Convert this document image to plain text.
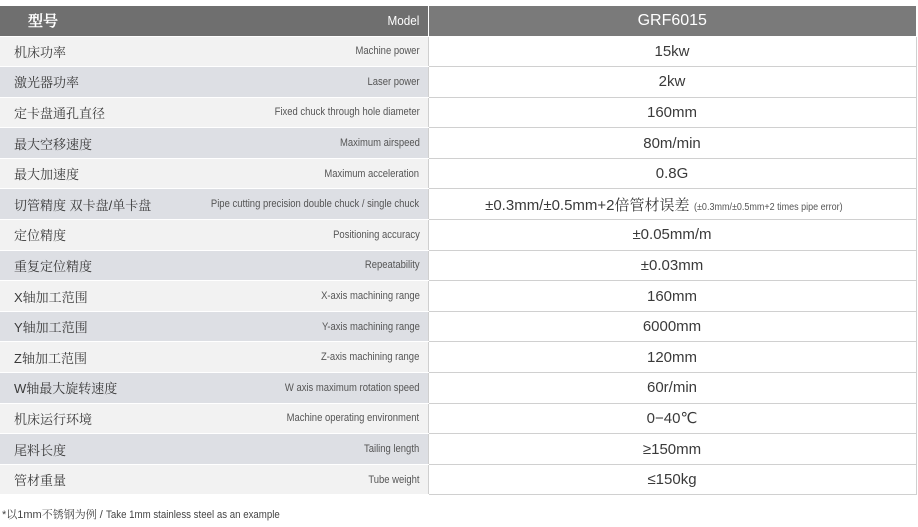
型号 Model	GRF6015

机床功率 Machine power	15kw

激光器功率 Laser power	2kw

定卡盘通孔直径 Fixed chuck through hole diameter	160mm

最大空移速度 Maximum airspeed	80m/min

最大加速度 Maximum acceleration	0.8G

切管精度 双卡盘/单卡盘 Pipe cutting precision double chuck / single chuck	±0.3mm/±0.5mm+2倍管材误差 (±0.3mm/±0.5mm+2 times pipe error)

定位精度 Positioning accuracy	±0.05mm/m

重复定位精度 Repeatability	±0.03mm

X轴加工范围 X-axis machining range	160mm

Y轴加工范围 Y-axis machining range	6000mm

Z轴加工范围 Z-axis machining range	120mm

W轴最大旋转速度 W axis maximum rotation speed	60r/min

机床运行环境 Machine operating environment	0−40℃

尾料长度 Tailing length	≥150mm

管材重量 Tube weight	≤150kg
*以1mm不锈钢为例 / Take 1mm stainless steel as an example
